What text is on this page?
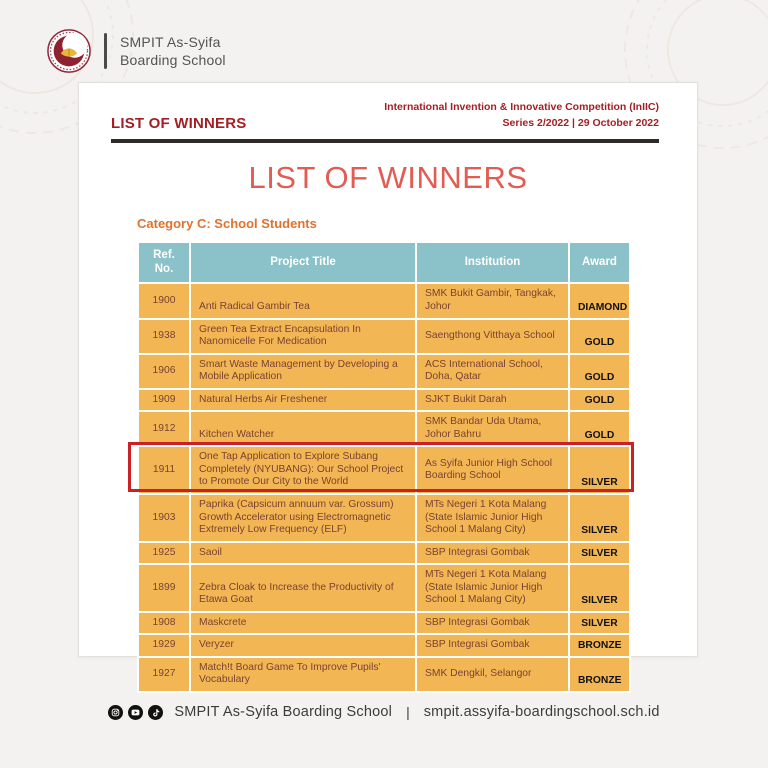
SMPIT As-Syifa
Boarding School
LIST OF WINNERS
International Invention & Innovative Competition (InIIC)
Series 2/2022 | 29 October 2022
LIST OF WINNERS
Category C: School Students
Ref. No.	Project Title	Institution	Award
1900	Anti Radical Gambir Tea	SMK Bukit Gambir, Tangkak, Johor	DIAMOND
1938	Green Tea Extract Encapsulation In Nanomicelle For Medication	Saengthong Vitthaya School	GOLD
1906	Smart Waste Management by Developing a Mobile Application	ACS International School, Doha, Qatar	GOLD
1909	Natural Herbs Air Freshener	SJKT Bukit Darah	GOLD
1912	Kitchen Watcher	SMK Bandar Uda Utama, Johor Bahru	GOLD
1911	One Tap Application to Explore Subang Completely (NYUBANG): Our School Project to Promote Our City to the World	As Syifa Junior High School Boarding School	SILVER
1903	Paprika (Capsicum annuum var. Grossum) Growth Accelerator using Electromagnetic Extremely Low Frequency (ELF)	MTs Negeri 1 Kota Malang (State Islamic Junior High School 1 Malang City)	SILVER
1925	Saoil	SBP Integrasi Gombak	SILVER
1899	Zebra Cloak to Increase the Productivity of Etawa Goat	MTs Negeri 1 Kota Malang (State Islamic Junior High School 1 Malang City)	SILVER
1908	Maskcrete	SBP Integrasi Gombak	SILVER
1929	Veryzer	SBP Integrasi Gombak	BRONZE
1927	Match!t Board Game To Improve Pupils' Vocabulary	SMK Dengkil, Selangor	BRONZE
SMPIT As-Syifa Boarding School | smpit.assyifa-boardingschool.sch.id
